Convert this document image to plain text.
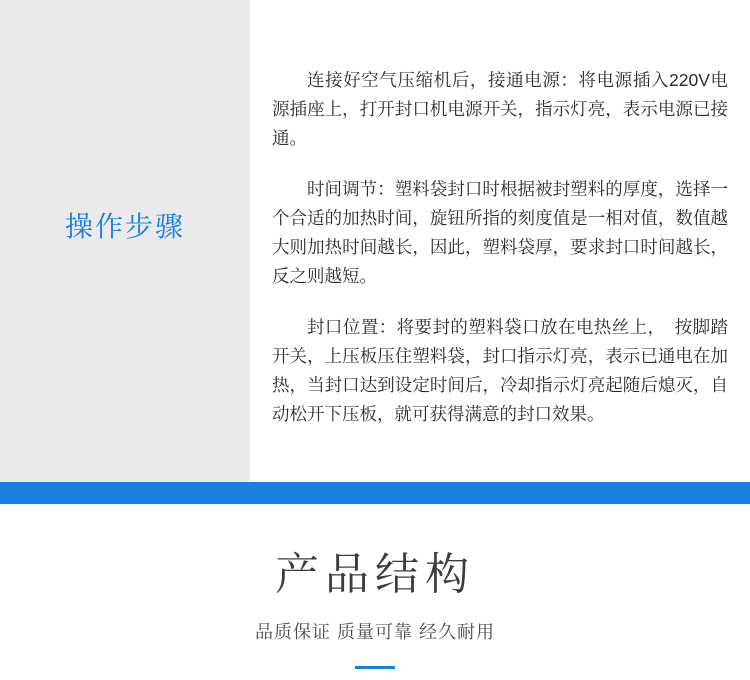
操作步骤

连接好空气压缩机后，接通电源：将电源插入220V电源插座上，打开封口机电源开关，指示灯亮，表示电源已接通。

时间调节：塑料袋封口时根据被封塑料的厚度，选择一个合适的加热时间，旋钮所指的刻度值是一相对值，数值越大则加热时间越长，因此，塑料袋厚，要求封口时间越长，反之则越短。

封口位置：将要封的塑料袋口放在电热丝上，　按脚踏开关，上压板压住塑料袋，封口指示灯亮，表示已通电在加热，当封口达到设定时间后，冷却指示灯亮起随后熄灭，自动松开下压板，就可获得满意的封口效果。

产品结构

品质保证 质量可靠 经久耐用
